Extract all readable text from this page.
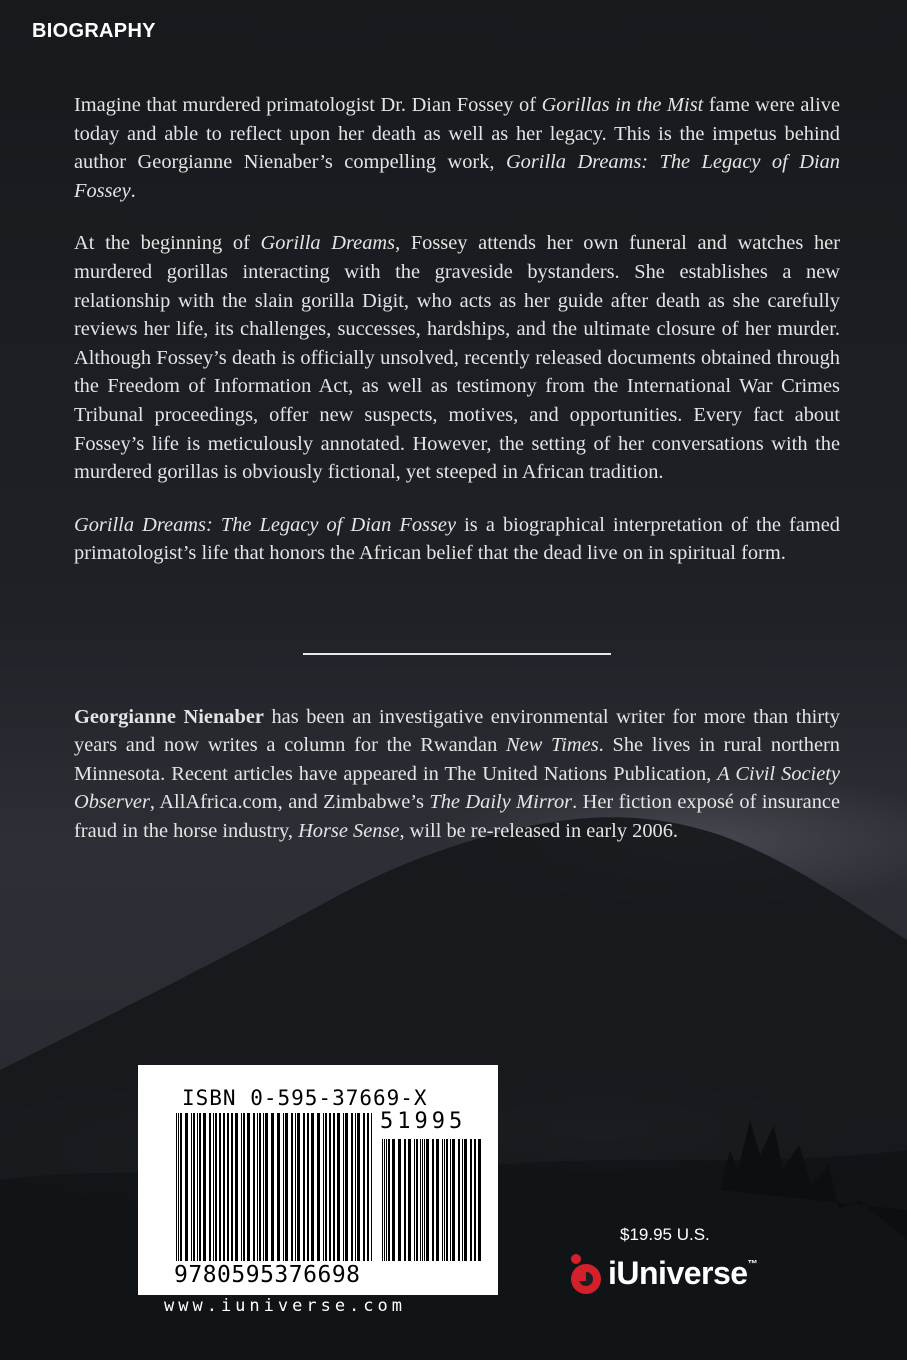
BIOGRAPHY

Imagine that murdered primatologist Dr. Dian Fossey of Gorillas in the Mist fame were alive today and able to reflect upon her death as well as her legacy. This is the impetus behind author Georgianne Nienaber’s compelling work, Gorilla Dreams: The Legacy of Dian Fossey.

At the beginning of Gorilla Dreams, Fossey attends her own funeral and watches her murdered gorillas interacting with the graveside bystanders. She establishes a new relationship with the slain gorilla Digit, who acts as her guide after death as she carefully reviews her life, its challenges, successes, hardships, and the ultimate closure of her murder. Although Fossey’s death is officially unsolved, recently released documents obtained through the Freedom of Information Act, as well as testimony from the International War Crimes Tribunal proceedings, offer new suspects, motives, and opportunities. Every fact about Fossey’s life is meticulously annotated. However, the setting of her conversations with the murdered gorillas is obviously fictional, yet steeped in African tradition.

Gorilla Dreams: The Legacy of Dian Fossey is a biographical interpretation of the famed primatologist’s life that honors the African belief that the dead live on in spiritual form.

Georgianne Nienaber has been an investigative environmental writer for more than thirty years and now writes a column for the Rwandan New Times. She lives in rural northern Minnesota. Recent articles have appeared in The United Nations Publication, A Civil Society Observer, AllAfrica.com, and Zimbabwe’s The Daily Mirror. Her fiction exposé of insurance fraud in the horse industry, Horse Sense, will be re-released in early 2006.

ISBN 0-595-37669-X
51995
9780595376698
www.iuniverse.com
$19.95 U.S.
iUniverse™
